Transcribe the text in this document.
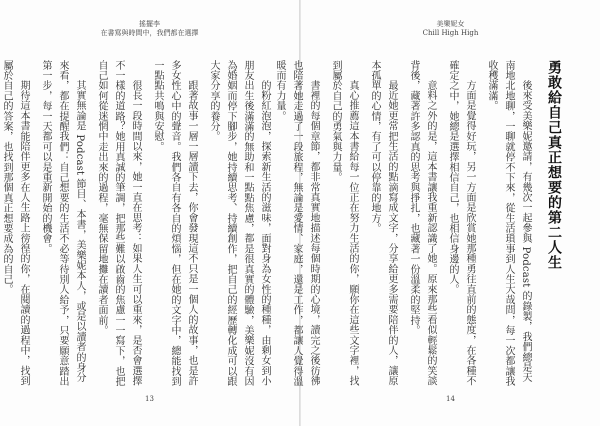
搖擺李
在書寫與時間中，我們都在選擇

的粉紅泡泡，探索新生活的滋味，面對身為女性的種種，由剩女到小朋友出生後滿滿的無助和一點點焦慮，都是很真實的體驗，美樂妮沒有因為婚姻而停下腳步，她持續思考、持續創作，把自己的經歷轉化成可以跟大家分享的養分。

跟著故事一層一層讀下去，你會發現這不只是一個人的故事，也是許多女性心中的聲音。我們各自有各自的煩惱，但在她的文字中，總能找到一點點共鳴與安慰。

很長一段時間以來，她一直在思考：如果人生可以重來，是否會選擇不一樣的道路？她用真誠的筆調，把那些難以啟齒的焦慮一一寫下，也把自己如何從迷惘中走出來的過程，毫無保留地攤在讀者面前。

其實無論是 Podcast 節目、本書，美樂妮本人，或是以讀者的身分來看，都在提醒我們：自己想要的生活不必等待別人給予，只要願意踏出第一步，每一天都可以是重新開始的機會。

期待這本書能陪伴更多在人生路上徬徨的你，在閱讀的過程中，找到屬於自己的答案，也找到那個真正想要成為的自己。

13
美樂妮女
Chill High High
勇敢給自己真正想要的第二人生

後來受美樂妮邀請，有幾次一起參與 Podcast 的錄製，我們總是天南地北地聊，一聊就停不下來，從生活瑣事到人生大哉問，每一次都讓我收穫滿滿。

方面是覺得好玩，另一方面是欣賞她那種勇往直前的態度，在各種不確定之中，她總是選擇相信自己，也相信身邊的人。

意料之外的是，這本書讓我重新認識了她。原來那些看似輕鬆的笑談背後，藏著許多認真的思考與掙扎，也藏著一份溫柔的堅持。

最近她更常把生活的點滴寫成文字，分享給更多需要陪伴的人，讓原本孤單的心情，有了可以停靠的地方。

真心推薦這本書給每一位正在努力生活的你，願你在這些文字裡，找到屬於自己的勇氣與力量。

書裡的每個章節，都非常真實地描述每個時期的心境，讀完之後彷彿也陪著她走過了一段旅程，無論是愛情、家庭，還是工作，都讓人覺得溫暖而有力量。

14
